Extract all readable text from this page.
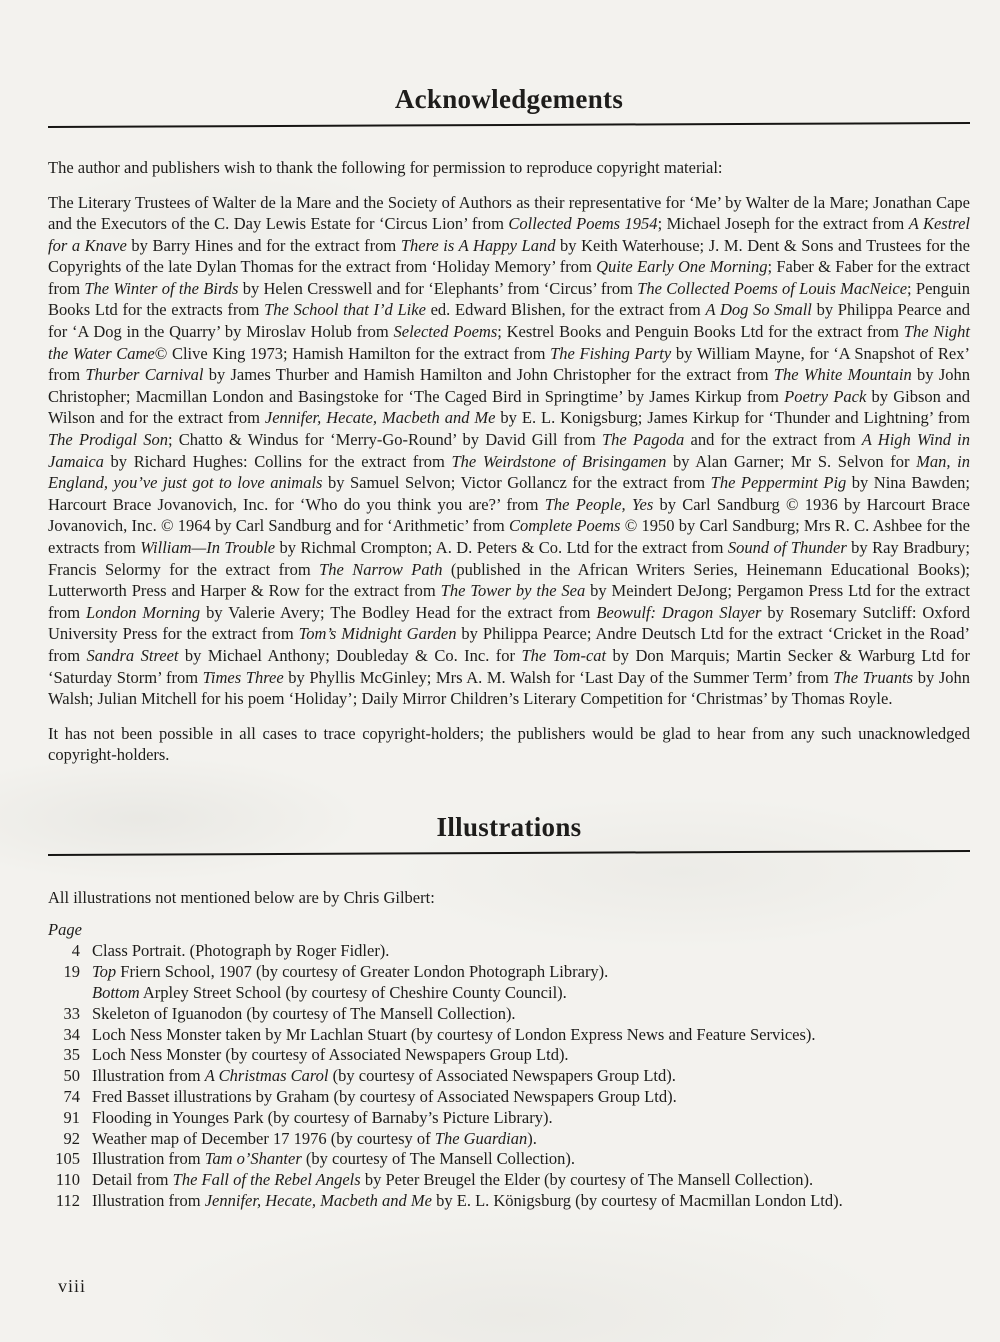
Acknowledgements

The author and publishers wish to thank the following for permission to reproduce copyright material:

The Literary Trustees of Walter de la Mare and the Society of Authors as their representative for ‘Me’ by Walter de la Mare; Jonathan Cape and the Executors of the C. Day Lewis Estate for ‘Circus Lion’ from Collected Poems 1954; Michael Joseph for the extract from A Kestrel for a Knave by Barry Hines and for the extract from There is A Happy Land by Keith Waterhouse; J. M. Dent & Sons and Trustees for the Copyrights of the late Dylan Thomas for the extract from ‘Holiday Memory’ from Quite Early One Morning; Faber & Faber for the extract from The Winter of the Birds by Helen Cresswell and for ‘Elephants’ from ‘Circus’ from The Collected Poems of Louis MacNeice; Penguin Books Ltd for the extracts from The School that I’d Like ed. Edward Blishen, for the extract from A Dog So Small by Philippa Pearce and for ‘A Dog in the Quarry’ by Miroslav Holub from Selected Poems; Kestrel Books and Penguin Books Ltd for the extract from The Night the Water Came© Clive King 1973; Hamish Hamilton for the extract from The Fishing Party by William Mayne, for ‘A Snapshot of Rex’ from Thurber Carnival by James Thurber and Hamish Hamilton and John Christopher for the extract from The White Mountain by John Christopher; Macmillan London and Basingstoke for ‘The Caged Bird in Springtime’ by James Kirkup from Poetry Pack by Gibson and Wilson and for the extract from Jennifer, Hecate, Macbeth and Me by E. L. Konigsburg; James Kirkup for ‘Thunder and Lightning’ from The Prodigal Son; Chatto & Windus for ‘Merry-Go-Round’ by David Gill from The Pagoda and for the extract from A High Wind in Jamaica by Richard Hughes: Collins for the extract from The Weirdstone of Brisingamen by Alan Garner; Mr S. Selvon for Man, in England, you’ve just got to love animals by Samuel Selvon; Victor Gollancz for the extract from The Peppermint Pig by Nina Bawden; Harcourt Brace Jovanovich, Inc. for ‘Who do you think you are?’ from The People, Yes by Carl Sandburg © 1936 by Harcourt Brace Jovanovich, Inc. © 1964 by Carl Sandburg and for ‘Arithmetic’ from Complete Poems © 1950 by Carl Sandburg; Mrs R. C. Ashbee for the extracts from William—In Trouble by Richmal Crompton; A. D. Peters & Co. Ltd for the extract from Sound of Thunder by Ray Bradbury; Francis Selormy for the extract from The Narrow Path (published in the African Writers Series, Heinemann Educational Books); Lutterworth Press and Harper & Row for the extract from The Tower by the Sea by Meindert DeJong; Pergamon Press Ltd for the extract from London Morning by Valerie Avery; The Bodley Head for the extract from Beowulf: Dragon Slayer by Rosemary Sutcliff: Oxford University Press for the extract from Tom’s Midnight Garden by Philippa Pearce; Andre Deutsch Ltd for the extract ‘Cricket in the Road’ from Sandra Street by Michael Anthony; Doubleday & Co. Inc. for The Tom-cat by Don Marquis; Martin Secker & Warburg Ltd for ‘Saturday Storm’ from Times Three by Phyllis McGinley; Mrs A. M. Walsh for ‘Last Day of the Summer Term’ from The Truants by John Walsh; Julian Mitchell for his poem ‘Holiday’; Daily Mirror Children’s Literary Competition for ‘Christmas’ by Thomas Royle.

It has not been possible in all cases to trace copyright-holders; the publishers would be glad to hear from any such unacknowledged copyright-holders.

Illustrations

All illustrations not mentioned below are by Chris Gilbert:

Page

4 Class Portrait. (Photograph by Roger Fidler).
19 Top Friern School, 1907 (by courtesy of Greater London Photograph Library).
Bottom Arpley Street School (by courtesy of Cheshire County Council).
33 Skeleton of Iguanodon (by courtesy of The Mansell Collection).
34 Loch Ness Monster taken by Mr Lachlan Stuart (by courtesy of London Express News and Feature Services).
35 Loch Ness Monster (by courtesy of Associated Newspapers Group Ltd).
50 Illustration from A Christmas Carol (by courtesy of Associated Newspapers Group Ltd).
74 Fred Basset illustrations by Graham (by courtesy of Associated Newspapers Group Ltd).
91 Flooding in Younges Park (by courtesy of Barnaby’s Picture Library).
92 Weather map of December 17 1976 (by courtesy of The Guardian).
105 Illustration from Tam o’Shanter (by courtesy of The Mansell Collection).
110 Detail from The Fall of the Rebel Angels by Peter Breugel the Elder (by courtesy of The Mansell Collection).
112 Illustration from Jennifer, Hecate, Macbeth and Me by E. L. Königsburg (by courtesy of Macmillan London Ltd).
viii
